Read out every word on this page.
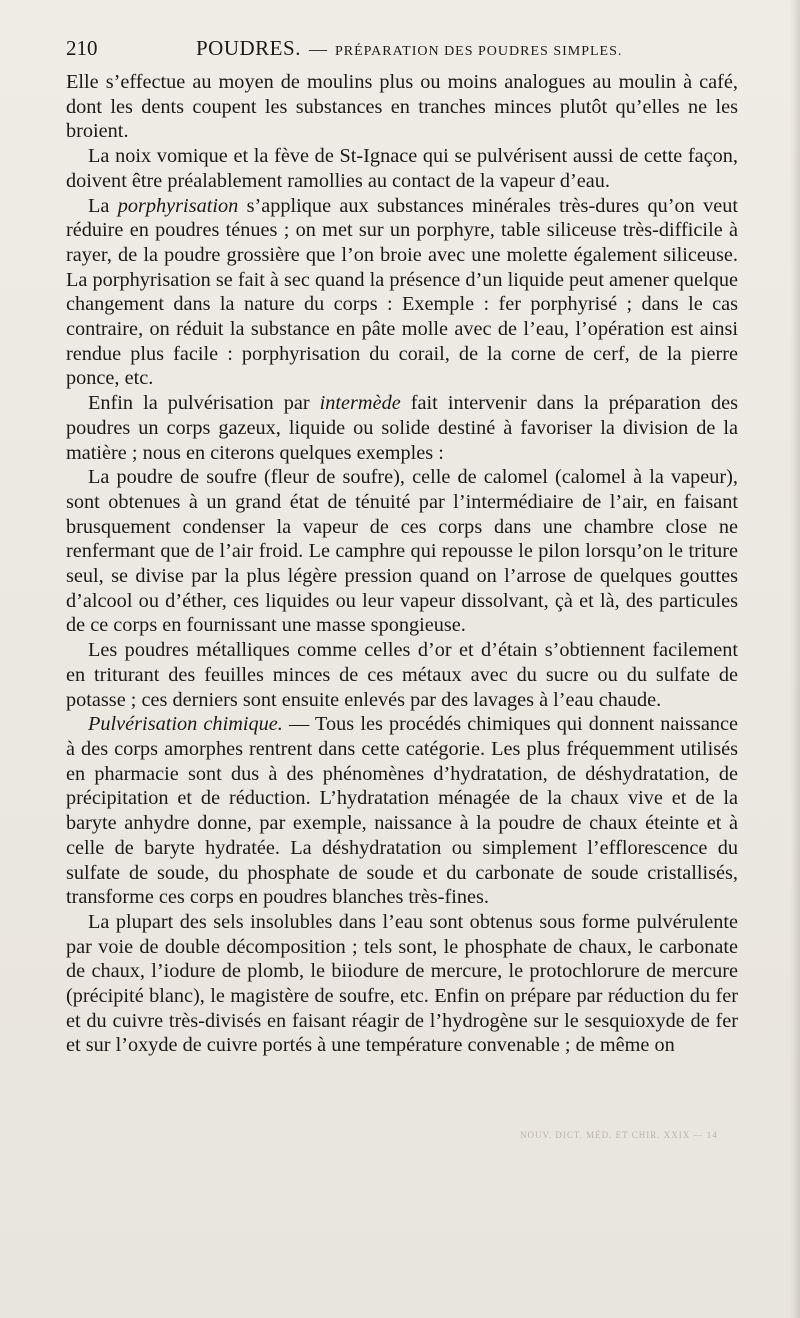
210	POUDRES. — PRÉPARATION DES POUDRES SIMPLES.

Elle s’effectue au moyen de moulins plus ou moins analogues au moulin à café, dont les dents coupent les substances en tranches minces plutôt qu’elles ne les broient.

La noix vomique et la fève de St-Ignace qui se pulvérisent aussi de cette façon, doivent être préalablement ramollies au contact de la vapeur d’eau.

La porphyrisation s’applique aux substances minérales très-dures qu’on veut réduire en poudres ténues ; on met sur un porphyre, table siliceuse très-difficile à rayer, de la poudre grossière que l’on broie avec une molette également siliceuse. La porphyrisation se fait à sec quand la présence d’un liquide peut amener quelque changement dans la nature du corps : Exemple : fer porphyrisé ; dans le cas contraire, on réduit la substance en pâte molle avec de l’eau, l’opération est ainsi rendue plus facile : porphyrisation du corail, de la corne de cerf, de la pierre ponce, etc.

Enfin la pulvérisation par intermède fait intervenir dans la préparation des poudres un corps gazeux, liquide ou solide destiné à favoriser la division de la matière ; nous en citerons quelques exemples :

La poudre de soufre (fleur de soufre), celle de calomel (calomel à la vapeur), sont obtenues à un grand état de ténuité par l’intermédiaire de l’air, en faisant brusquement condenser la vapeur de ces corps dans une chambre close ne renfermant que de l’air froid. Le camphre qui repousse le pilon lorsqu’on le triture seul, se divise par la plus légère pression quand on l’arrose de quelques gouttes d’alcool ou d’éther, ces liquides ou leur vapeur dissolvant, çà et là, des particules de ce corps en fournissant une masse spongieuse.

Les poudres métalliques comme celles d’or et d’étain s’obtiennent facilement en triturant des feuilles minces de ces métaux avec du sucre ou du sulfate de potasse ; ces derniers sont ensuite enlevés par des lavages à l’eau chaude.

Pulvérisation chimique. — Tous les procédés chimiques qui donnent naissance à des corps amorphes rentrent dans cette catégorie. Les plus fréquemment utilisés en pharmacie sont dus à des phénomènes d’hydratation, de déshydratation, de précipitation et de réduction. L’hydratation ménagée de la chaux vive et de la baryte anhydre donne, par exemple, naissance à la poudre de chaux éteinte et à celle de baryte hydratée. La déshydratation ou simplement l’efflorescence du sulfate de soude, du phosphate de soude et du carbonate de soude cristallisés, transforme ces corps en poudres blanches très-fines.

La plupart des sels insolubles dans l’eau sont obtenus sous forme pulvérulente par voie de double décomposition ; tels sont, le phosphate de chaux, le carbonate de chaux, l’iodure de plomb, le biiodure de mercure, le protochlorure de mercure (précipité blanc), le magistère de soufre, etc. Enfin on prépare par réduction du fer et du cuivre très-divisés en faisant réagir de l’hydrogène sur le sesquioxyde de fer et sur l’oxyde de cuivre portés à une température convenable ; de même on

NOUV. DICT. MÉD. ET CHIR. XXIX — 14
